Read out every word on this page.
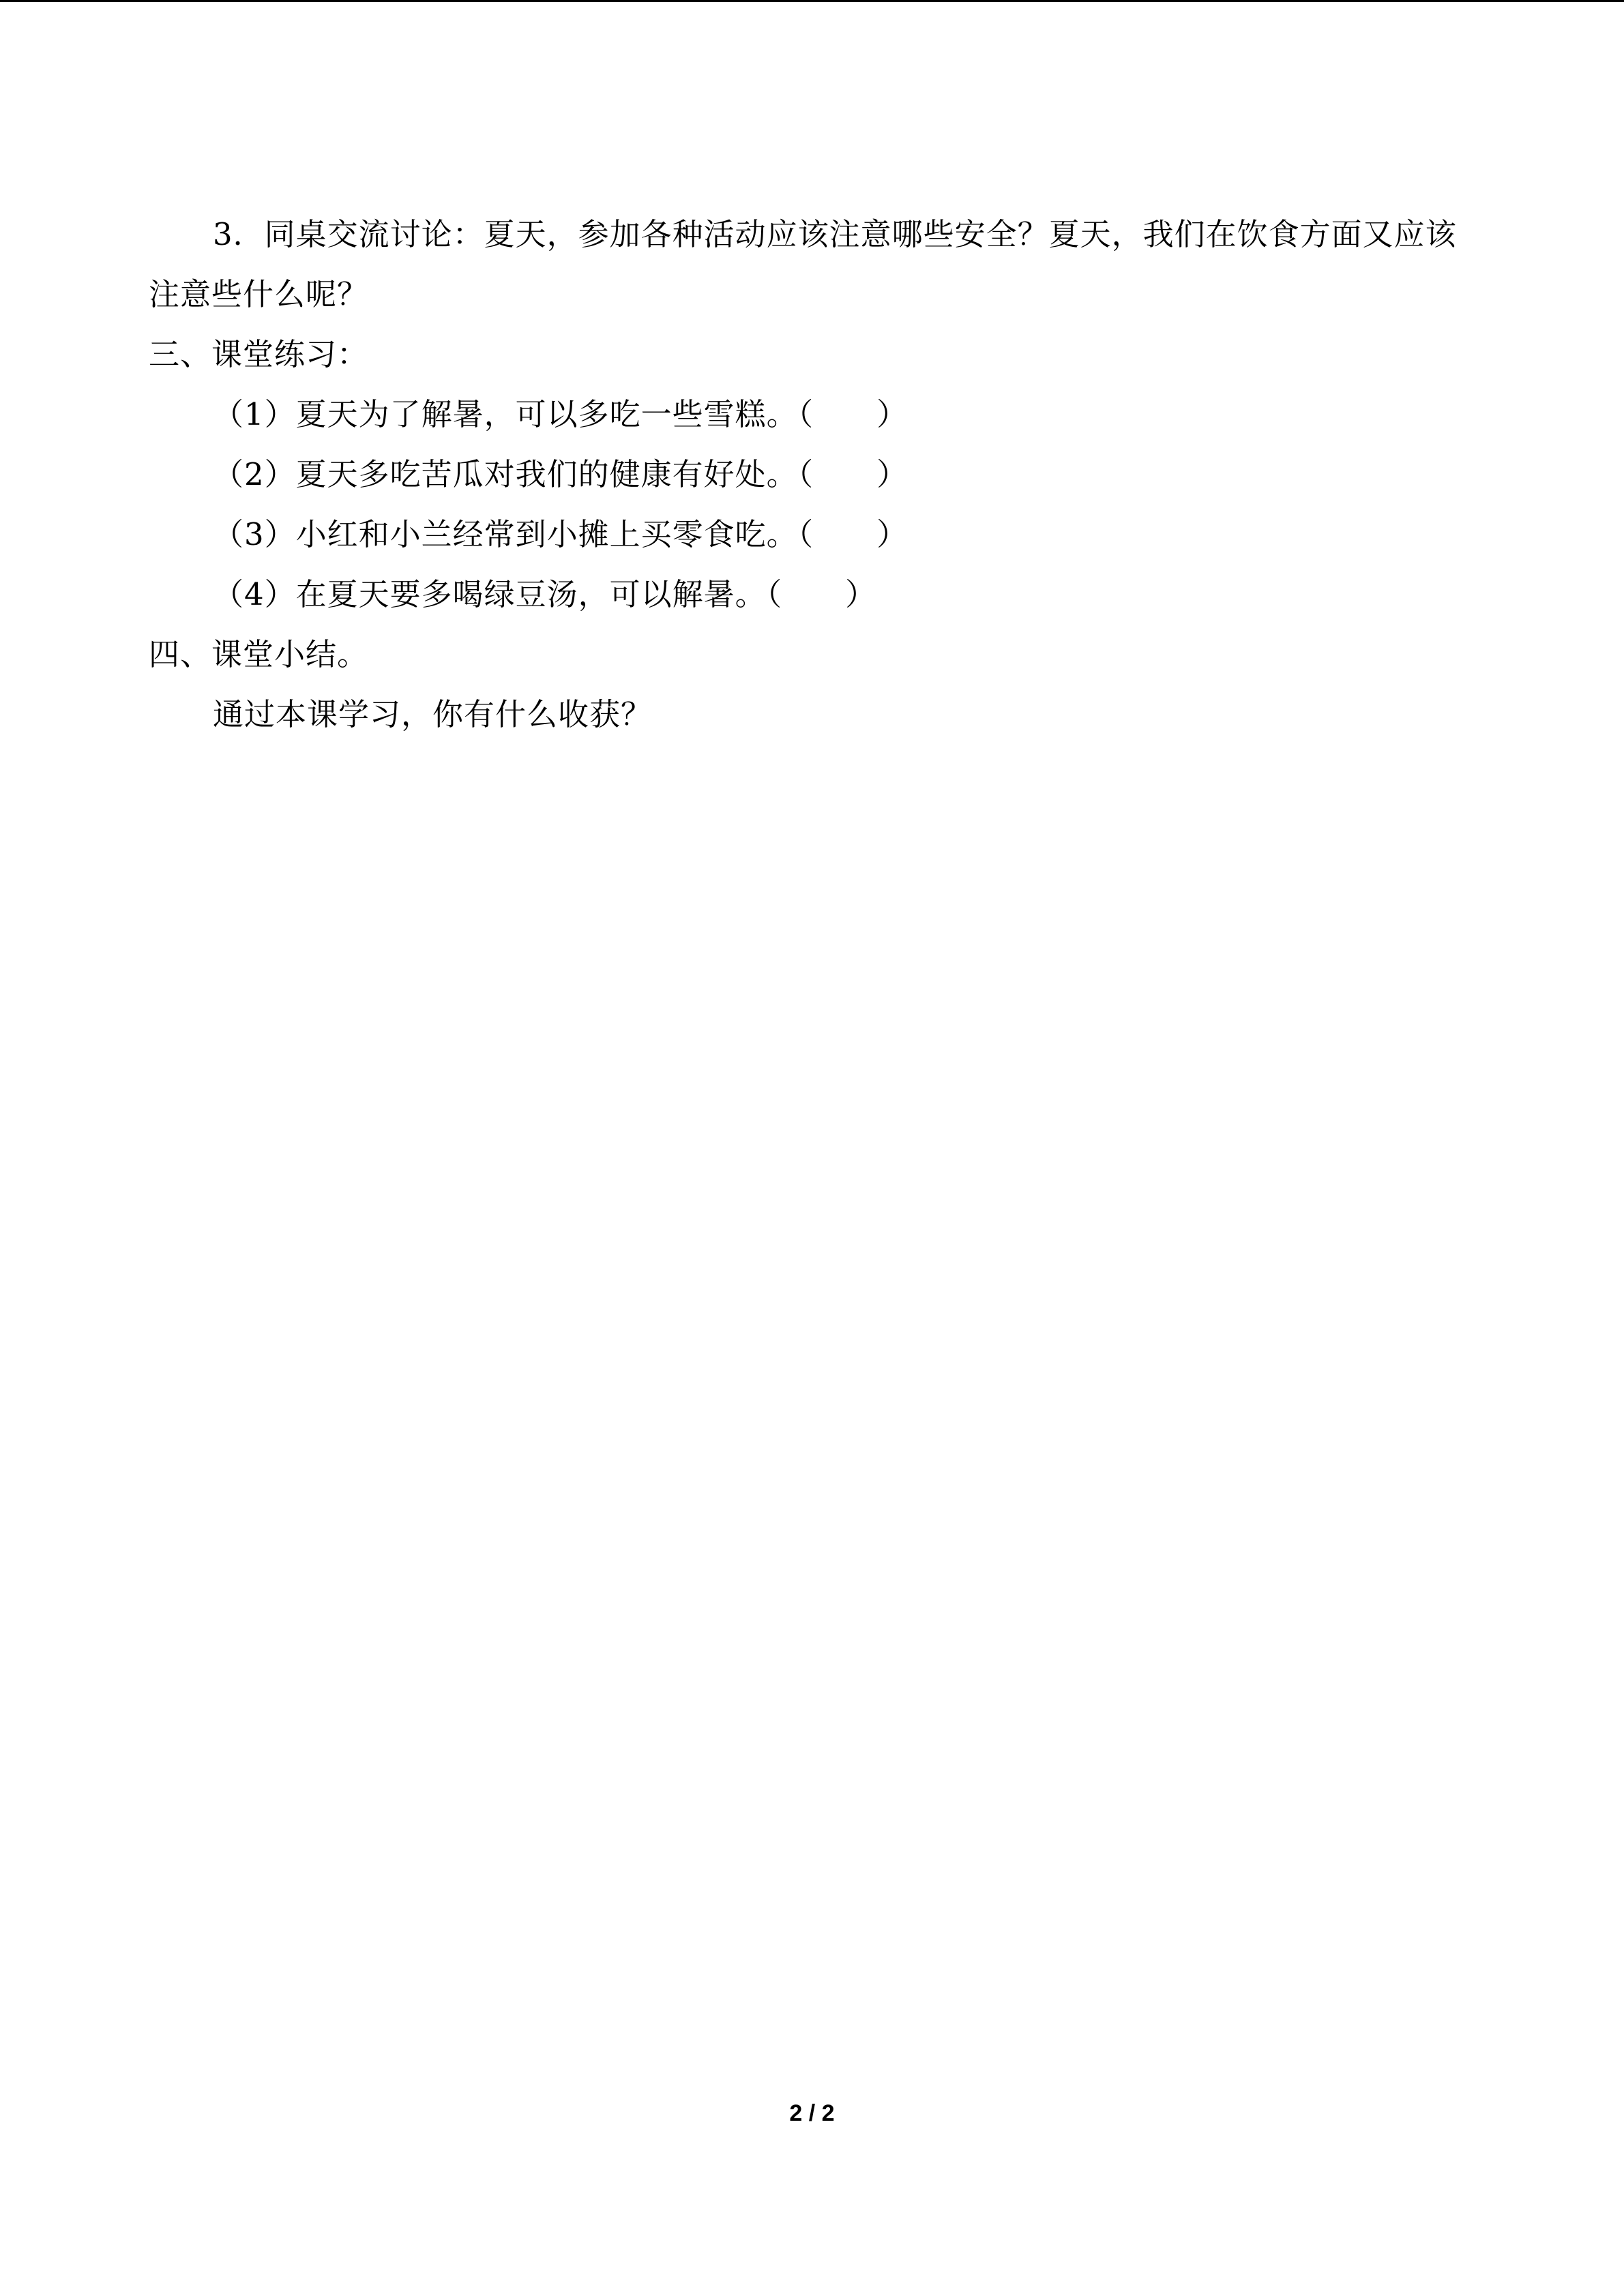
3．同桌交流讨论：夏天，参加各种活动应该注意哪些安全？夏天，我们在饮食方面又应该注意些什么呢？

三、课堂练习：

（1）夏天为了解暑，可以多吃一些雪糕。（　　）

（2）夏天多吃苦瓜对我们的健康有好处。（　　）

（3）小红和小兰经常到小摊上买零食吃。（　　）

（4）在夏天要多喝绿豆汤，可以解暑。（　　）

四、课堂小结。

通过本课学习，你有什么收获？

2 / 2
